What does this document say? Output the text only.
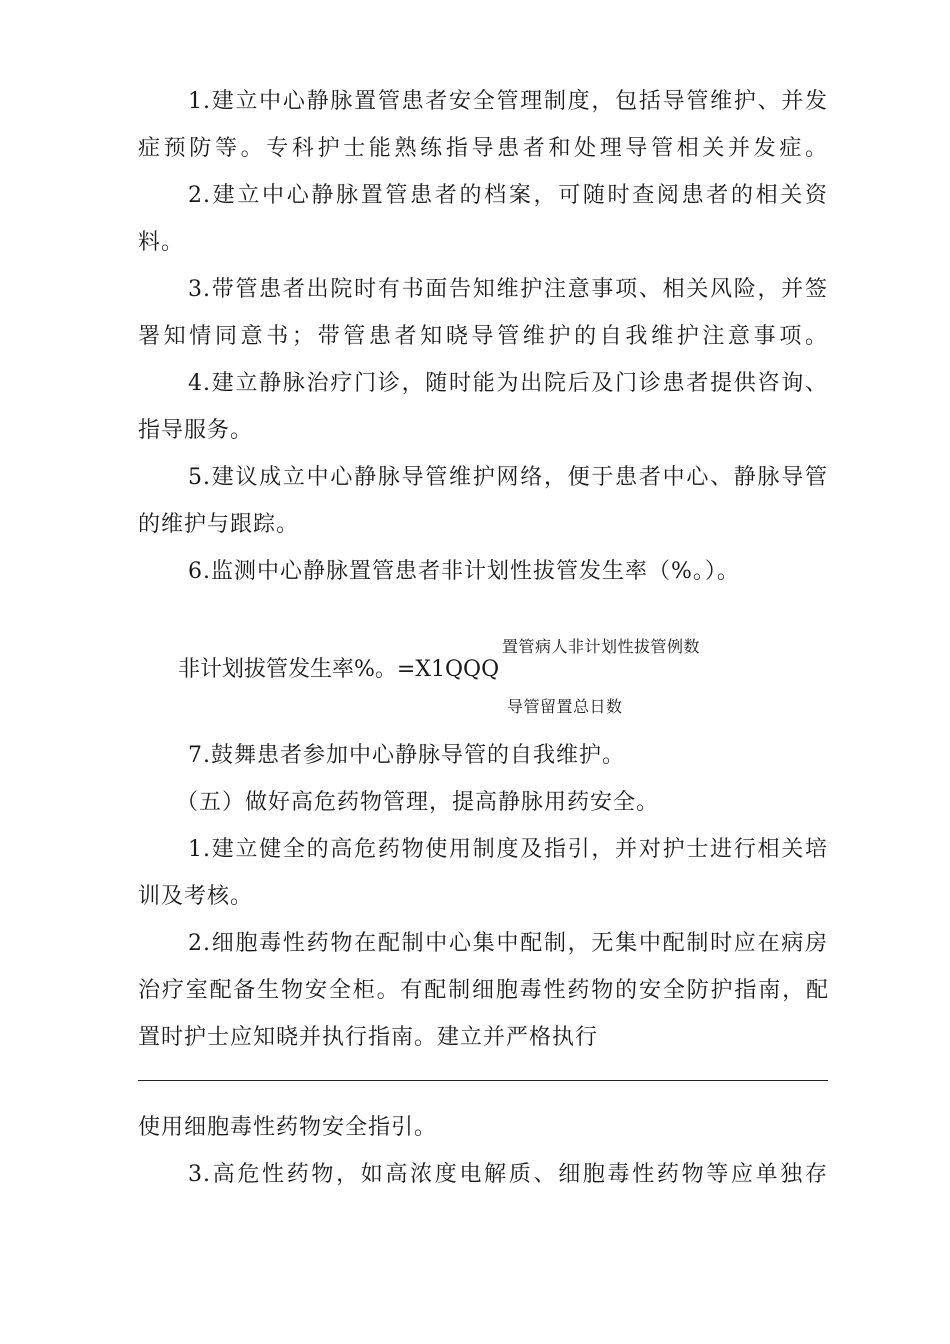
1.建立中心静脉置管患者安全管理制度，包括导管维护、并发
症预防等。专科护士能熟练指导患者和处理导管相关并发症。
2.建立中心静脉置管患者的档案，可随时查阅患者的相关资
料。
3.带管患者出院时有书面告知维护注意事项、相关风险，并签
署知情同意书；带管患者知晓导管维护的自我维护注意事项。
4.建立静脉治疗门诊，随时能为出院后及门诊患者提供咨询、
指导服务。
5.建议成立中心静脉导管维护网络，便于患者中心、静脉导管
的维护与跟踪。
6.监测中心静脉置管患者非计划性拔管发生率（%。）。
置管病人非计划性拔管例数
非计划拔管发生率%。=X1QQQ
导管留置总日数
7.鼓舞患者参加中心静脉导管的自我维护。
（五）做好高危药物管理，提高静脉用药安全。
1.建立健全的高危药物使用制度及指引，并对护士进行相关培
训及考核。
2.细胞毒性药物在配制中心集中配制，无集中配制时应在病房
治疗室配备生物安全柜。有配制细胞毒性药物的安全防护指南，配
置时护士应知晓并执行指南。建立并严格执行
使用细胞毒性药物安全指引。
3.高危性药物，如高浓度电解质、细胞毒性药物等应单独存
